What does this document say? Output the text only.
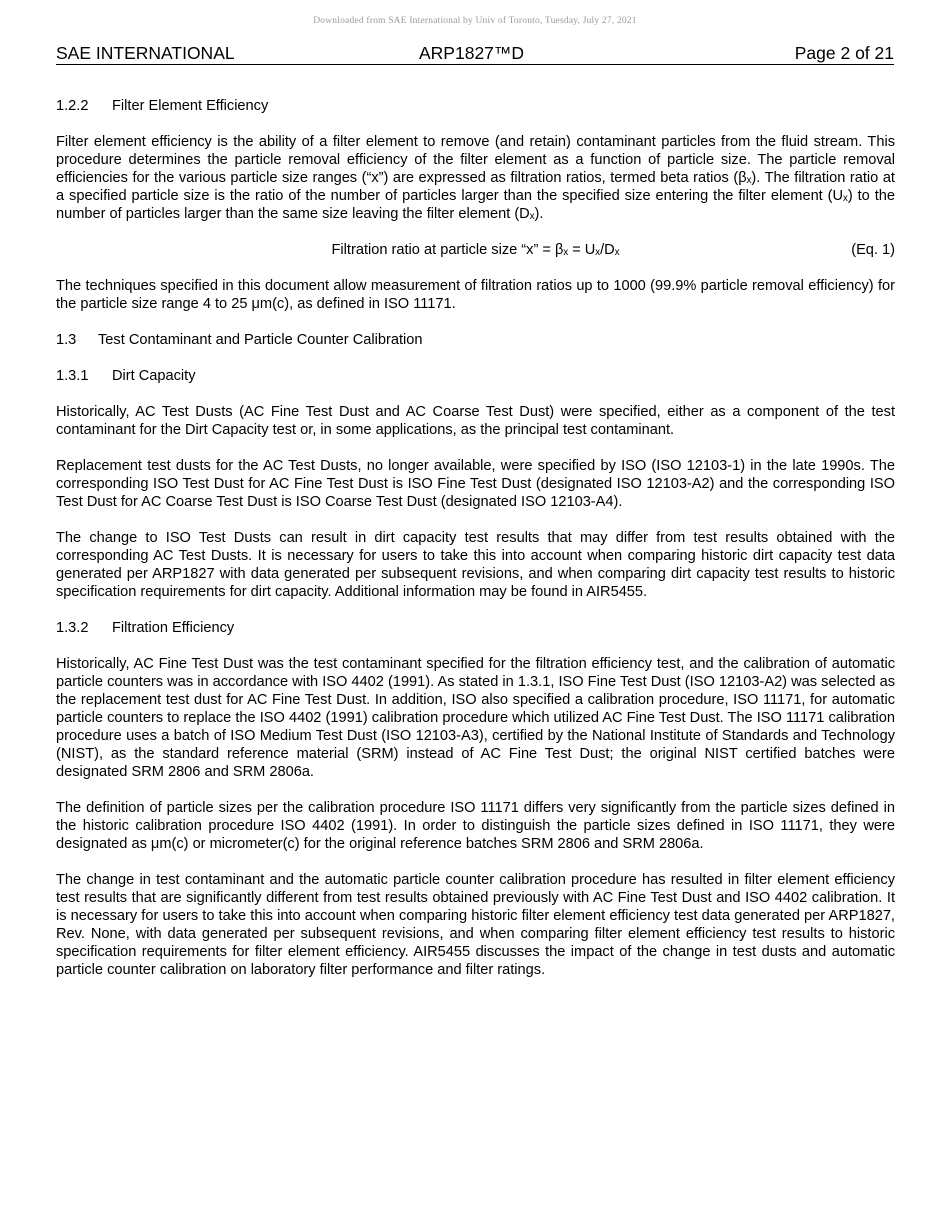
Downloaded from SAE International by Univ of Toronto, Tuesday, July 27, 2021
SAE INTERNATIONAL	ARP1827™D	Page 2 of 21
1.2.2 Filter Element Efficiency

Filter element efficiency is the ability of a filter element to remove (and retain) contaminant particles from the fluid stream. This procedure determines the particle removal efficiency of the filter element as a function of particle size. The particle removal efficiencies for the various particle size ranges (“x”) are expressed as filtration ratios, termed beta ratios (βₓ). The filtration ratio at a specified particle size is the ratio of the number of particles larger than the specified size entering the filter element (Uₓ) to the number of particles larger than the same size leaving the filter element (Dₓ).

Filtration ratio at particle size “x” = βₓ = Uₓ/Dₓ	(Eq. 1)

The techniques specified in this document allow measurement of filtration ratios up to 1000 (99.9% particle removal efficiency) for the particle size range 4 to 25 μm(c), as defined in ISO 11171.

1.3 Test Contaminant and Particle Counter Calibration
1.3.1 Dirt Capacity

Historically, AC Test Dusts (AC Fine Test Dust and AC Coarse Test Dust) were specified, either as a component of the test contaminant for the Dirt Capacity test or, in some applications, as the principal test contaminant.

Replacement test dusts for the AC Test Dusts, no longer available, were specified by ISO (ISO 12103-1) in the late 1990s. The corresponding ISO Test Dust for AC Fine Test Dust is ISO Fine Test Dust (designated ISO 12103-A2) and the corresponding ISO Test Dust for AC Coarse Test Dust is ISO Coarse Test Dust (designated ISO 12103-A4).

The change to ISO Test Dusts can result in dirt capacity test results that may differ from test results obtained with the corresponding AC Test Dusts. It is necessary for users to take this into account when comparing historic dirt capacity test data generated per ARP1827 with data generated per subsequent revisions, and when comparing dirt capacity test results to historic specification requirements for dirt capacity. Additional information may be found in AIR5455.

1.3.2 Filtration Efficiency

Historically, AC Fine Test Dust was the test contaminant specified for the filtration efficiency test, and the calibration of automatic particle counters was in accordance with ISO 4402 (1991). As stated in 1.3.1, ISO Fine Test Dust (ISO 12103-A2) was selected as the replacement test dust for AC Fine Test Dust. In addition, ISO also specified a calibration procedure, ISO 11171, for automatic particle counters to replace the ISO 4402 (1991) calibration procedure which utilized AC Fine Test Dust. The ISO 11171 calibration procedure uses a batch of ISO Medium Test Dust (ISO 12103-A3), certified by the National Institute of Standards and Technology (NIST), as the standard reference material (SRM) instead of AC Fine Test Dust; the original NIST certified batches were designated SRM 2806 and SRM 2806a.

The definition of particle sizes per the calibration procedure ISO 11171 differs very significantly from the particle sizes defined in the historic calibration procedure ISO 4402 (1991). In order to distinguish the particle sizes defined in ISO 11171, they were designated as μm(c) or micrometer(c) for the original reference batches SRM 2806 and SRM 2806a.

The change in test contaminant and the automatic particle counter calibration procedure has resulted in filter element efficiency test results that are significantly different from test results obtained previously with AC Fine Test Dust and ISO 4402 calibration. It is necessary for users to take this into account when comparing historic filter element efficiency test data generated per ARP1827, Rev. None, with data generated per subsequent revisions, and when comparing filter element efficiency test results to historic specification requirements for filter element efficiency. AIR5455 discusses the impact of the change in test dusts and automatic particle counter calibration on laboratory filter performance and filter ratings.
